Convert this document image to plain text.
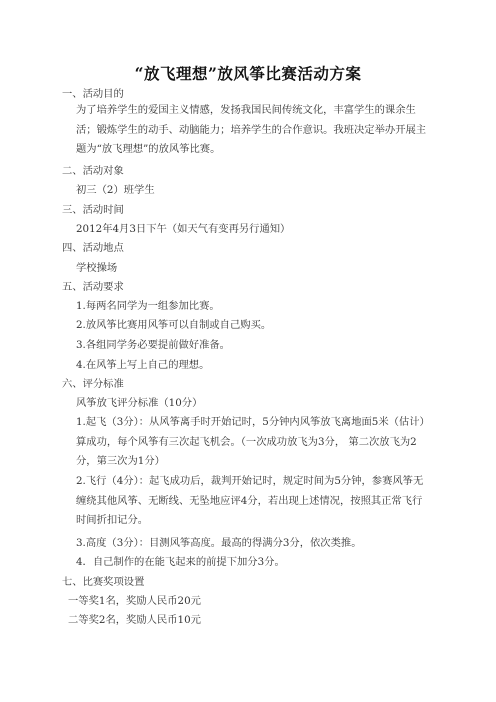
“放飞理想”放风筝比赛活动方案
一、活动目的
为了培养学生的爱国主义情感，发扬我国民间传统文化，丰富学生的课余生活；锻炼学生的动手、动脑能力；培养学生的合作意识。我班决定举办开展主题为“放飞理想”的放风筝比赛。
二、活动对象
初三（2）班学生
三、活动时间
2012年4月3日下午（如天气有变再另行通知）
四、活动地点
学校操场
五、活动要求
1.每两名同学为一组参加比赛。
2.放风筝比赛用风筝可以自制或自己购买。
3.各组同学务必要提前做好准备。
4.在风筝上写上自己的理想。
六、评分标准
风筝放飞评分标准（10分）
1.起飞（3分）：从风筝离手时开始记时，5分钟内风筝放飞离地面5米（估计）算成功，每个风筝有三次起飞机会。（一次成功放飞为3分， 第二次放飞为2分，第三次为1分）
2.飞行（4分）：起飞成功后，裁判开始记时，规定时间为5分钟，参赛风筝无缠绕其他风筝、无断线、无坠地应评4分，若出现上述情况，按照其正常飞行时间折扣记分。
3.高度（3分）：目测风筝高度。最高的得满分3分，依次类推。
4．自己制作的在能飞起来的前提下加分3分。
七、比赛奖项设置
一等奖1名，奖励人民币20元
二等奖2名，奖励人民币10元
